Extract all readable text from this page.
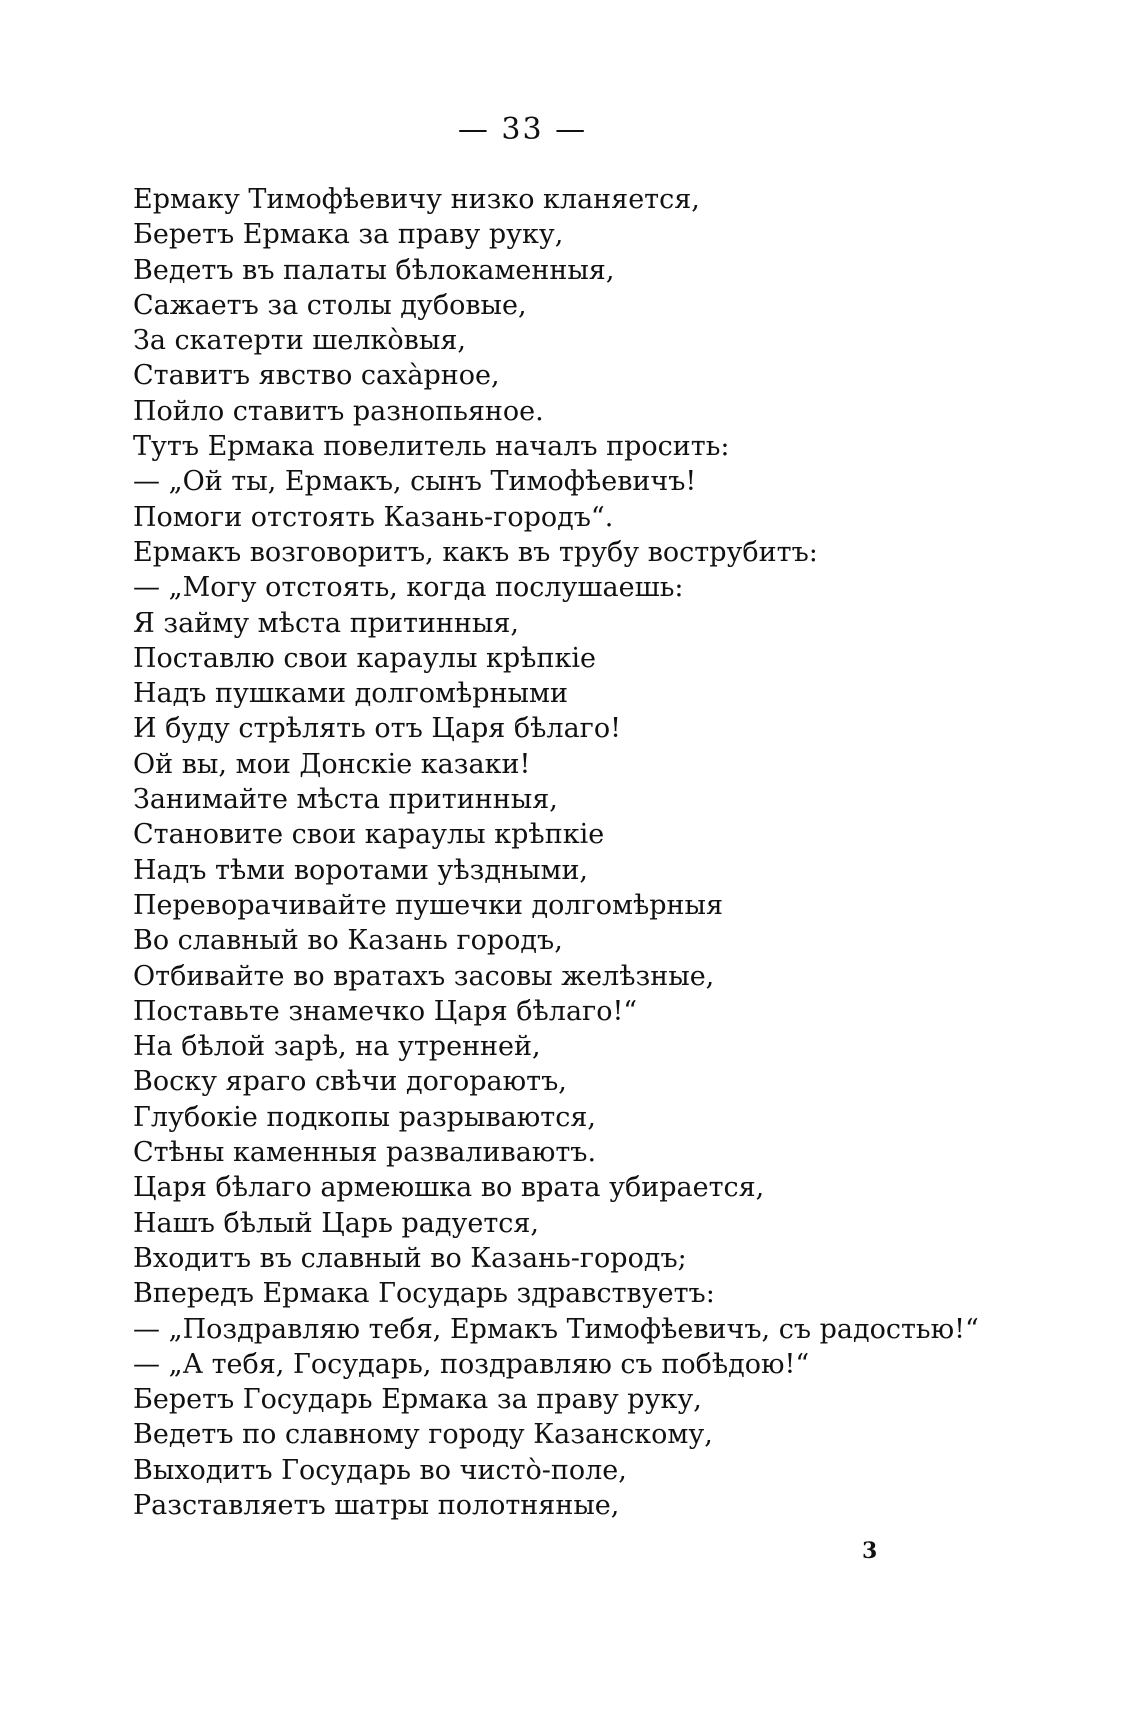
— 33 —
Ермаку Тимофѣевичу низко кланяется,
Беретъ Ермака за праву руку,
Ведетъ въ палаты бѣлокаменныя,
Сажаетъ за столы дубовые,
За скатерти шелко̀выя,
Ставитъ явство саха̀рное,
Пойло ставитъ разнопьяное.
Тутъ Ермака повелитель началъ просить:
— „Ой ты, Ермакъ, сынъ Тимофѣевичъ!
Помоги отстоять Казань-городъ“.
Ермакъ возговоритъ, какъ въ трубу вострубитъ:
— „Могу отстоять, когда послушаешь:
Я займу мѣста притинныя,
Поставлю свои караулы крѣпкіе
Надъ пушками долгомѣрными
И буду стрѣлять отъ Царя бѣлаго!
Ой вы, мои Донскіе казаки!
Занимайте мѣста притинныя,
Становите свои караулы крѣпкіе
Надъ тѣми воротами уѣздными,
Переворачивайте пушечки долгомѣрныя
Во славный во Казань городъ,
Отбивайте во вратахъ засовы желѣзные,
Поставьте знамечко Царя бѣлаго!“
На бѣлой зарѣ, на утренней,
Воску яраго свѣчи догораютъ,
Глубокіе подкопы разрываются,
Стѣны каменныя разваливаютъ.
Царя бѣлаго армеюшка во врата убирается,
Нашъ бѣлый Царь радуется,
Входитъ въ славный во Казань-городъ;
Впередъ Ермака Государь здравствуетъ:
— „Поздравляю тебя, Ермакъ Тимофѣевичъ, съ радостью!“
— „А тебя, Государь, поздравляю съ побѣдою!“
Беретъ Государь Ермака за праву руку,
Ведетъ по славному городу Казанскому,
Выходитъ Государь во чисто̀-поле,
Разставляетъ шатры полотняные,
3
